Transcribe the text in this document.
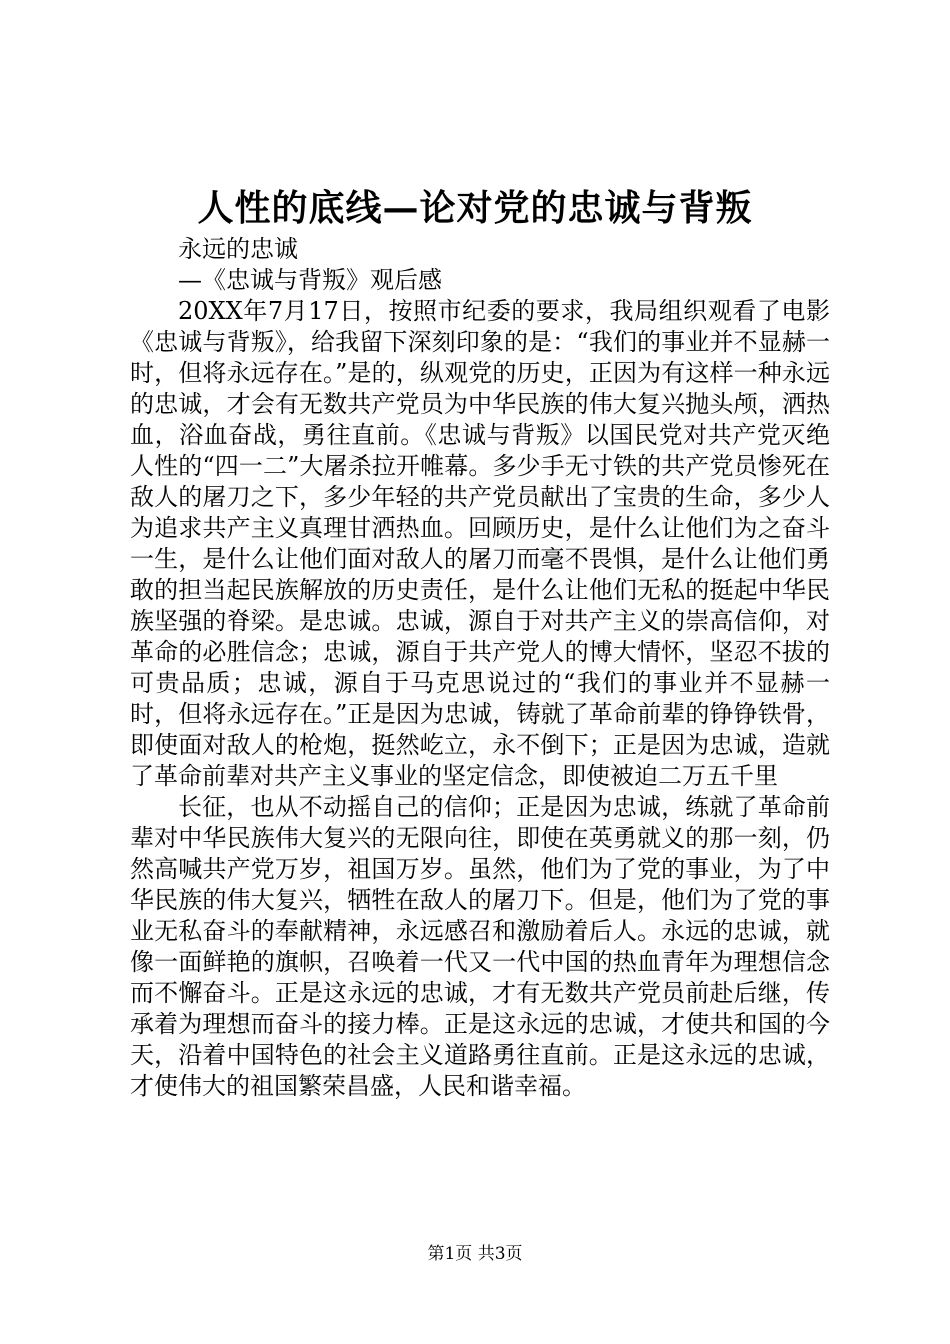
人性的底线—论对党的忠诚与背叛

永远的忠诚

—《忠诚与背叛》观后感

20XX年7月17日，按照市纪委的要求，我局组织观看了电影《忠诚与背叛》，给我留下深刻印象的是：“我们的事业并不显赫一时，但将永远存在。”是的，纵观党的历史，正因为有这样一种永远的忠诚，才会有无数共产党员为中华民族的伟大复兴抛头颅，洒热血，浴血奋战，勇往直前。《忠诚与背叛》以国民党对共产党灭绝人性的“四一二”大屠杀拉开帷幕。多少手无寸铁的共产党员惨死在敌人的屠刀之下，多少年轻的共产党员献出了宝贵的生命，多少人为追求共产主义真理甘洒热血。回顾历史，是什么让他们为之奋斗一生，是什么让他们面对敌人的屠刀而毫不畏惧，是什么让他们勇敢的担当起民族解放的历史责任，是什么让他们无私的挺起中华民族坚强的脊梁。是忠诚。忠诚，源自于对共产主义的崇高信仰，对革命的必胜信念；忠诚，源自于共产党人的博大情怀，坚忍不拔的可贵品质；忠诚，源自于马克思说过的“我们的事业并不显赫一时，但将永远存在。”正是因为忠诚，铸就了革命前辈的铮铮铁骨，即使面对敌人的枪炮，挺然屹立，永不倒下；正是因为忠诚，造就了革命前辈对共产主义事业的坚定信念，即使被迫二万五千里

长征，也从不动摇自己的信仰；正是因为忠诚，练就了革命前辈对中华民族伟大复兴的无限向往，即使在英勇就义的那一刻，仍然高喊共产党万岁，祖国万岁。虽然，他们为了党的事业，为了中华民族的伟大复兴，牺牲在敌人的屠刀下。但是，他们为了党的事业无私奋斗的奉献精神，永远感召和激励着后人。永远的忠诚，就像一面鲜艳的旗帜，召唤着一代又一代中国的热血青年为理想信念而不懈奋斗。正是这永远的忠诚，才有无数共产党员前赴后继，传承着为理想而奋斗的接力棒。正是这永远的忠诚，才使共和国的今天，沿着中国特色的社会主义道路勇往直前。正是这永远的忠诚，才使伟大的祖国繁荣昌盛，人民和谐幸福。

第1页 共3页
